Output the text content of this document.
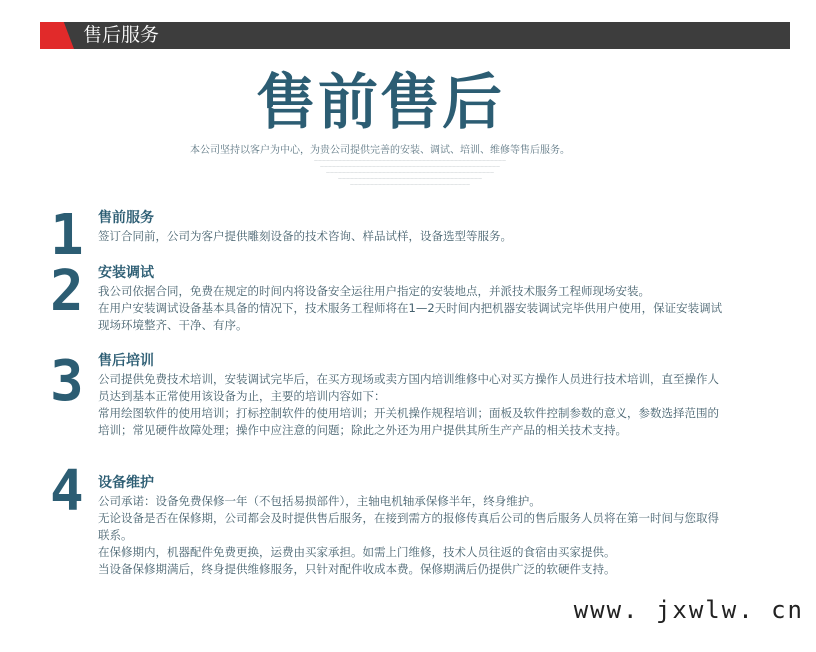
售后服务
售前售后
本公司坚持以客户为中心，为贵公司提供完善的安装、调试、培训、维修等售后服务。
————————————————————————————————————————————————
—————————————————————————————————————————————
——————————————————————————————————————————
————————————————————————————————————
——————————————————————————————
1	售前服务

签订合同前，公司为客户提供雕刻设备的技术咨询、样品试样，设备选型等服务。

2	安装调试

我公司依据合同，免费在规定的时间内将设备安全运往用户指定的安装地点，并派技术服务工程师现场安装。

在用户安装调试设备基本具备的情况下，技术服务工程师将在1—2天时间内把机器安装调试完毕供用户使用，保证安装调试现场环境整齐、干净、有序。

3	售后培训

公司提供免费技术培训，安装调试完毕后，在买方现场或卖方国内培训维修中心对买方操作人员进行技术培训，直至操作人员达到基本正常使用该设备为止，主要的培训内容如下：

常用绘图软件的使用培训；打标控制软件的使用培训；开关机操作规程培训；面板及软件控制参数的意义，参数选择范围的培训；常见硬件故障处理；操作中应注意的问题；除此之外还为用户提供其所生产产品的相关技术支持。

4	设备维护

公司承诺：设备免费保修一年（不包括易损部件），主轴电机轴承保修半年，终身维护。

无论设备是否在保修期，公司都会及时提供售后服务，在接到需方的报修传真后公司的售后服务人员将在第一时间与您取得联系。

在保修期内，机器配件免费更换，运费由买家承担。如需上门维修，技术人员往返的食宿由买家提供。

当设备保修期满后，终身提供维修服务，只针对配件收成本费。保修期满后仍提供广泛的软硬件支持。

www. jxwlw. cn
